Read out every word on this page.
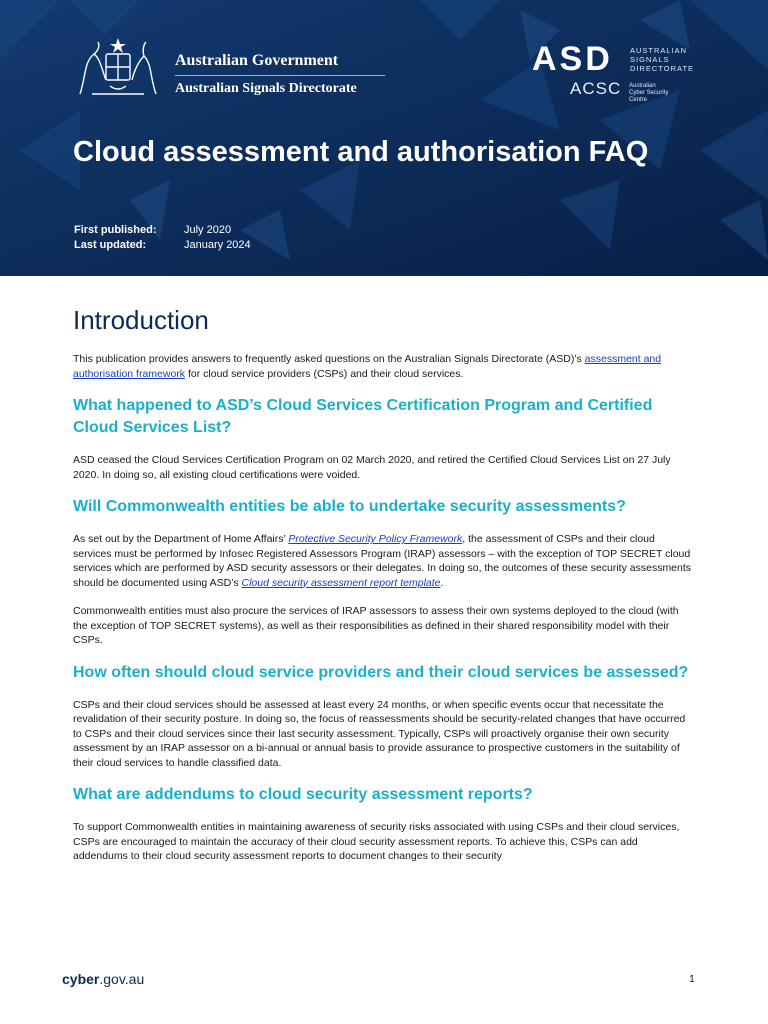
Australian Government
Australian Signals Directorate
ASD AUSTRALIAN
SIGNALS
DIRECTORATE
ACSC Australian
Cyber Security
Centre
Cloud assessment and authorisation FAQ
First published:	July 2020
Last updated:	January 2024
Introduction

This publication provides answers to frequently asked questions on the Australian Signals Directorate (ASD)’s assessment and authorisation framework for cloud service providers (CSPs) and their cloud services.

What happened to ASD’s Cloud Services Certification Program and Certified Cloud Services List?

ASD ceased the Cloud Services Certification Program on 02 March 2020, and retired the Certified Cloud Services List on 27 July 2020. In doing so, all existing cloud certifications were voided.

Will Commonwealth entities be able to undertake security assessments?

As set out by the Department of Home Affairs’ Protective Security Policy Framework, the assessment of CSPs and their cloud services must be performed by Infosec Registered Assessors Program (IRAP) assessors – with the exception of TOP SECRET cloud services which are performed by ASD security assessors or their delegates. In doing so, the outcomes of these security assessments should be documented using ASD’s Cloud security assessment report template.

Commonwealth entities must also procure the services of IRAP assessors to assess their own systems deployed to the cloud (with the exception of TOP SECRET systems), as well as their responsibilities as defined in their shared responsibility model with their CSPs.

How often should cloud service providers and their cloud services be assessed?

CSPs and their cloud services should be assessed at least every 24 months, or when specific events occur that necessitate the revalidation of their security posture. In doing so, the focus of reassessments should be security-related changes that have occurred to CSPs and their cloud services since their last security assessment. Typically, CSPs will proactively organise their own security assessment by an IRAP assessor on a bi-annual or annual basis to provide assurance to prospective customers in the suitability of their cloud services to handle classified data.

What are addendums to cloud security assessment reports?

To support Commonwealth entities in maintaining awareness of security risks associated with using CSPs and their cloud services, CSPs are encouraged to maintain the accuracy of their cloud security assessment reports. To achieve this, CSPs can add addendums to their cloud security assessment reports to document changes to their security

cyber.gov.au	1
